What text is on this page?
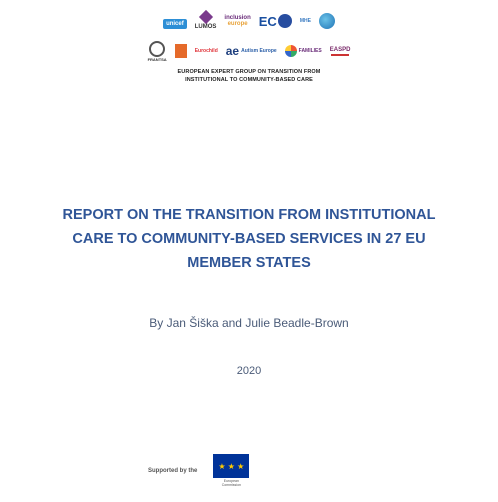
unicef	LUMOS
inclusion
europe EC	MHE
FRANTSA
Eurochild ae Autism Europe	FAMILIES EASPD
EUROPEAN EXPERT GROUP ON TRANSITION FROM
INSTITUTIONAL TO COMMUNITY-BASED CARE
REPORT ON THE TRANSITION FROM INSTITUTIONAL
CARE TO COMMUNITY-BASED SERVICES IN 27 EU
MEMBER STATES
By Jan Šiška and Julie Beadle-Brown
2020
Supported by the	★ ★ ★
European
Commission
